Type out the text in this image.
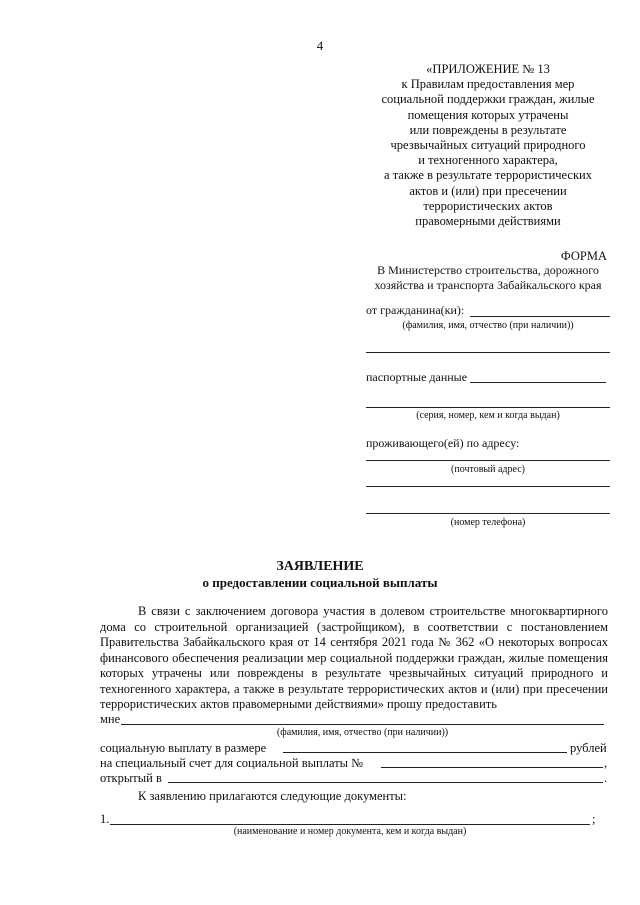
4
«ПРИЛОЖЕНИЕ № 13
к Правилам предоставления мер
социальной поддержки граждан, жилые
помещения которых утрачены
или повреждены в результате
чрезвычайных ситуаций природного
и техногенного характера,
а также в результате террористических
актов и (или) при пресечении
террористических актов
правомерными действиями
ФОРМА
В Министерство строительства, дорожного
хозяйства и транспорта Забайкальского края
от гражданина(ки):
(фамилия, имя, отчество (при наличии))
паспортные данные
(серия, номер, кем и когда выдан)
проживающего(ей) по адресу:
(почтовый адрес)
(номер телефона)
ЗАЯВЛЕНИЕ
о предоставлении социальной выплаты

В связи с заключением договора участия в долевом строительстве многоквартирного дома со строительной организацией (застройщиком), в соответствии с постановлением Правительства Забайкальского края от 14 сентября 2021 года № 362 «О некоторых вопросах финансового обеспечения реализации мер социальной поддержки граждан, жилые помещения которых утрачены или повреждены в результате чрезвычайных ситуаций природного и техногенного характера, а также в результате террористических актов и (или) при пресечении террористических актов правомерными действиями» прошу предоставить

мне
(фамилия, имя, отчество (при наличии))
социальную выплату в размере	рублей
на специальный счет для социальной выплаты №	,
открытый в	.
К заявлению прилагаются следующие документы:
1.	;
(наименование и номер документа, кем и когда выдан)
